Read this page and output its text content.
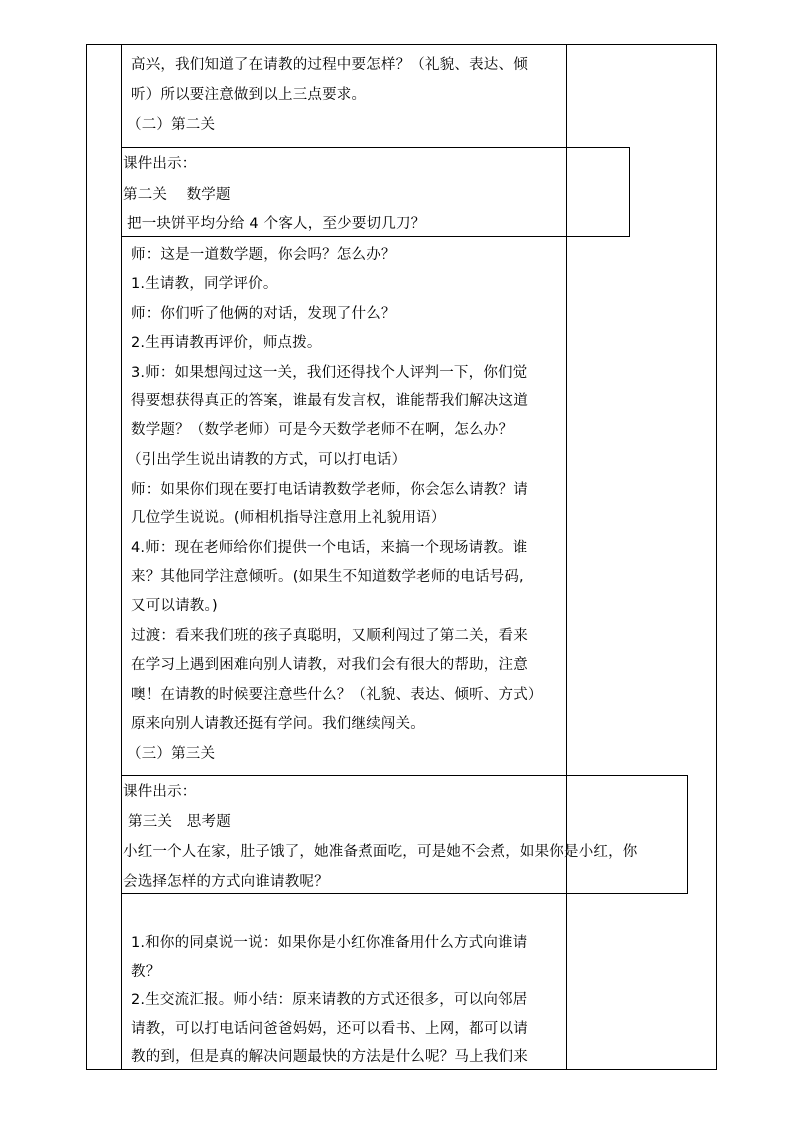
高兴，我们知道了在请教的过程中要怎样？（礼貌、表达、倾
听）所以要注意做到以上三点要求。
（二）第二关
课件出示：
第二关　 数学题
把一块饼平均分给 4 个客人，至少要切几刀？
师：这是一道数学题，你会吗？怎么办？
1.生请教，同学评价。
师：你们听了他俩的对话，发现了什么？
2.生再请教再评价，师点拨。
3.师：如果想闯过这一关，我们还得找个人评判一下，你们觉
得要想获得真正的答案，谁最有发言权，谁能帮我们解决这道
数学题？（数学老师）可是今天数学老师不在啊，怎么办？
（引出学生说出请教的方式，可以打电话）
师：如果你们现在要打电话请教数学老师，你会怎么请教？请
几位学生说说。(师相机指导注意用上礼貌用语）
4.师：现在老师给你们提供一个电话，来搞一个现场请教。谁
来？其他同学注意倾听。(如果生不知道数学老师的电话号码,
又可以请教。)
过渡：看来我们班的孩子真聪明，又顺利闯过了第二关，看来
在学习上遇到困难向别人请教，对我们会有很大的帮助，注意
噢！在请教的时候要注意些什么？（礼貌、表达、倾听、方式）
原来向别人请教还挺有学问。我们继续闯关。
（三）第三关
课件出示：
第三关　思考题
小红一个人在家，肚子饿了，她准备煮面吃，可是她不会煮，如果你是小红，你
会选择怎样的方式向谁请教呢？
1.和你的同桌说一说：如果你是小红你准备用什么方式向谁请
教？
2.生交流汇报。师小结：原来请教的方式还很多，可以向邻居
请教，可以打电话问爸爸妈妈，还可以看书、上网，都可以请
教的到，但是真的解决问题最快的方法是什么呢？马上我们来
